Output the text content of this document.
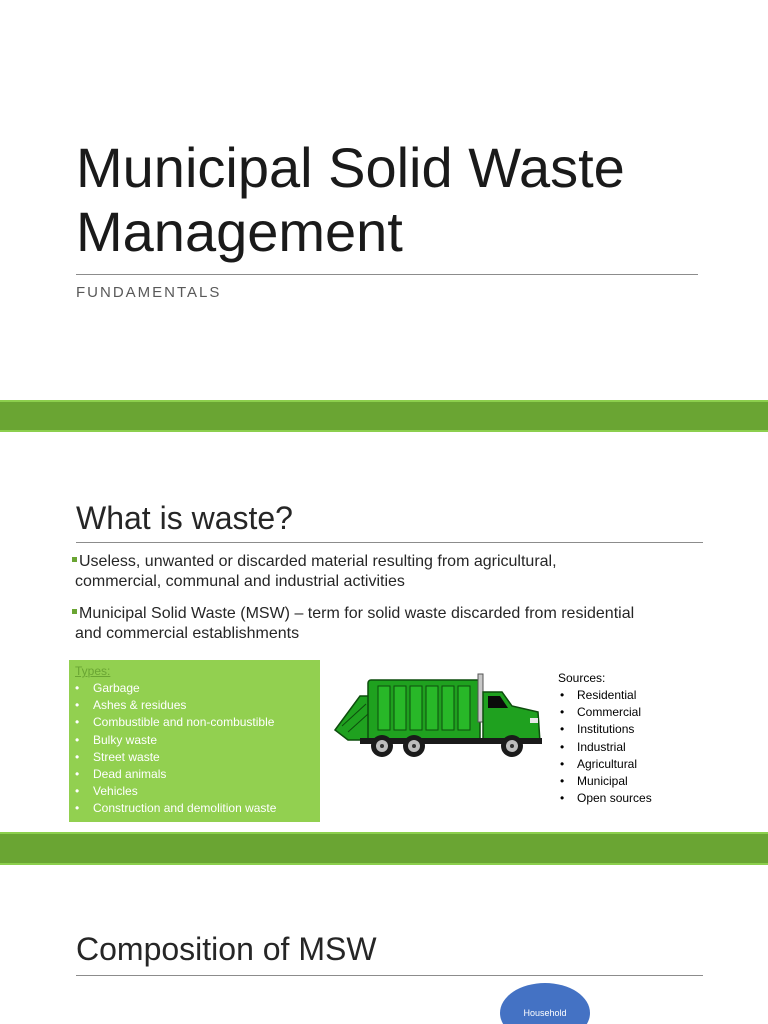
Municipal Solid Waste
Management
FUNDAMENTALS
What is waste?
Useless, unwanted or discarded material resulting from agricultural,
commercial, communal and industrial activities
Municipal Solid Waste (MSW) – term for solid waste discarded from residential
and commercial establishments
Types:
• Garbage
• Ashes & residues
• Combustible and non-combustible
• Bulky waste
• Street waste
• Dead animals
• Vehicles
• Construction and demolition waste
Sources:
• Residential
• Commercial
• Institutions
• Industrial
• Agricultural
• Municipal
• Open sources
Composition of MSW
Household
